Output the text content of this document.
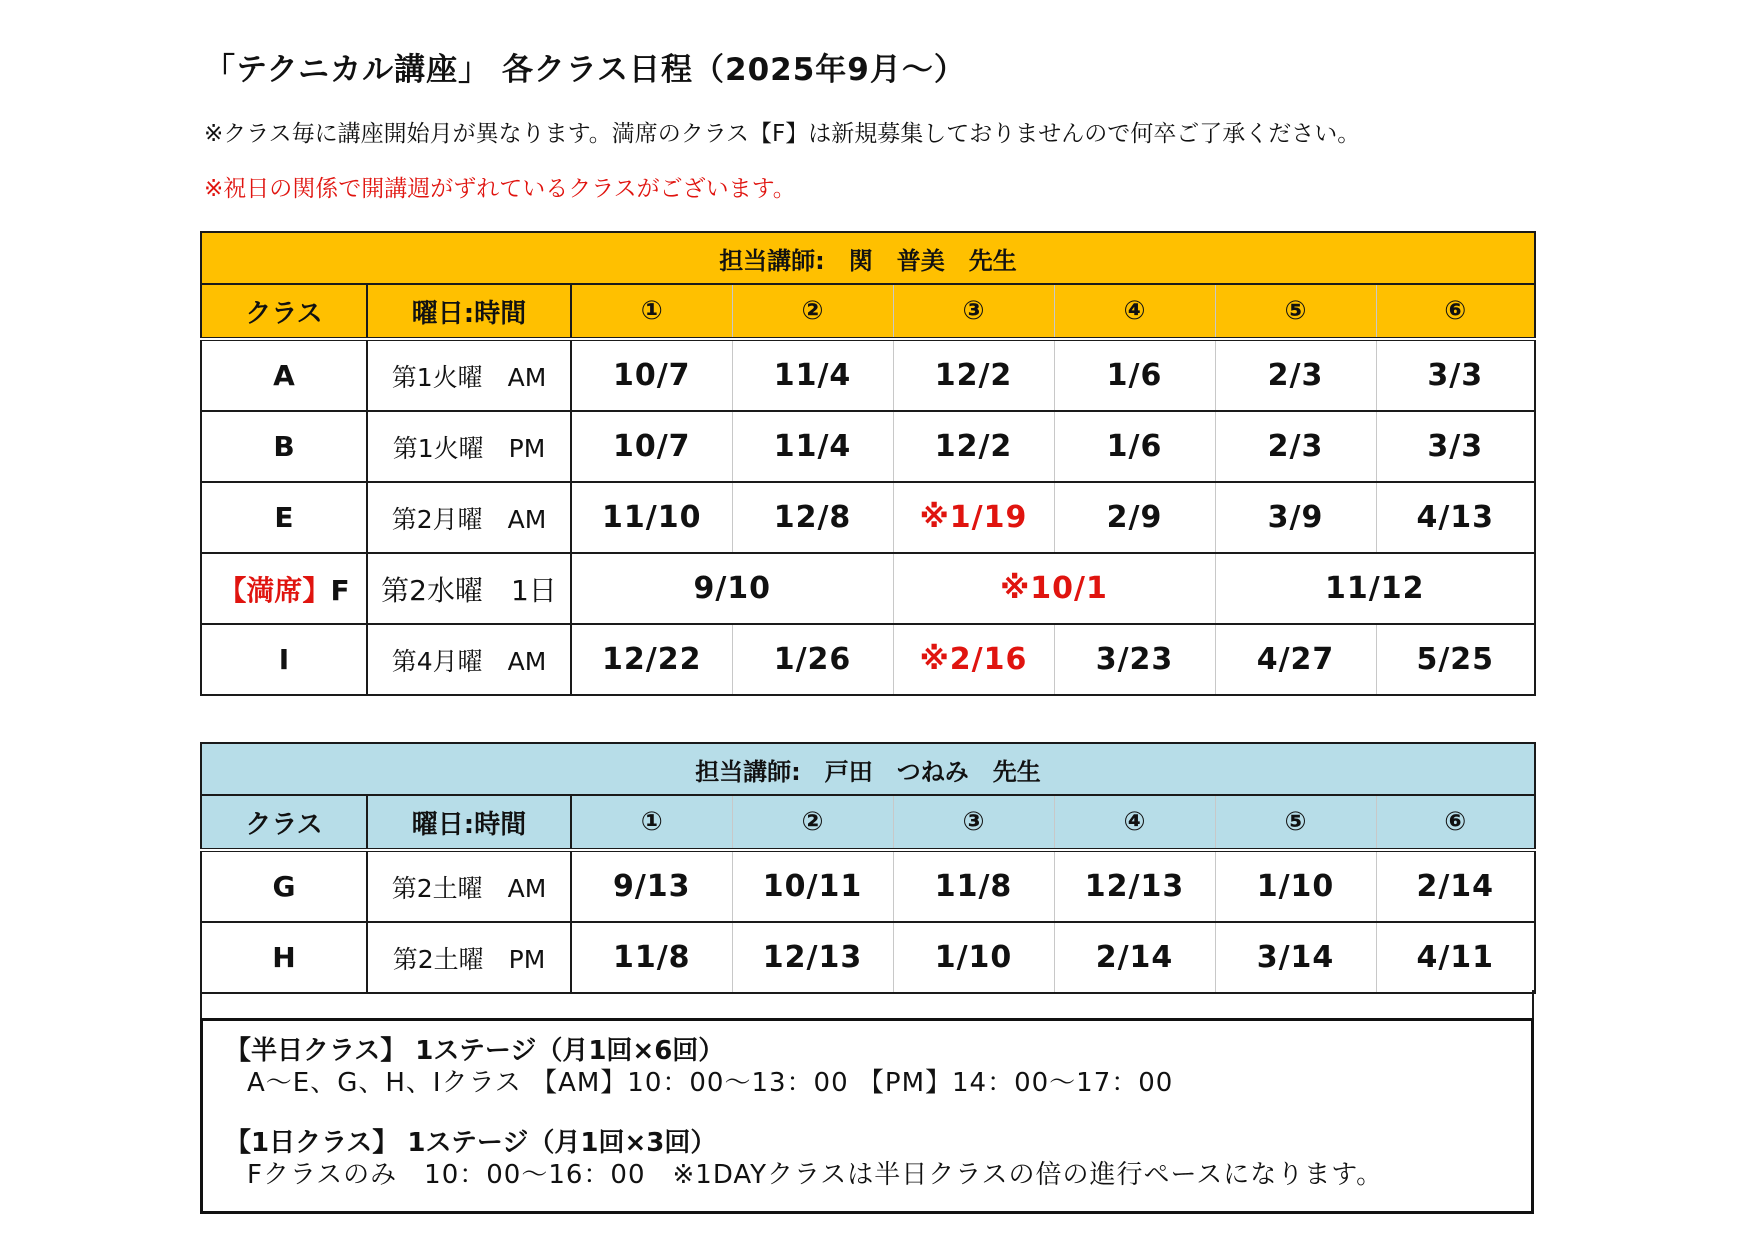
「テクニカル講座」 各クラス日程（2025年9月～）
※クラス毎に講座開始月が異なります。満席のクラス【F】は新規募集しておりませんので何卒ご了承ください。
※祝日の関係で開講週がずれているクラスがございます。
担当講師:　関　普美　先生							
クラス	曜日:時間	①	②	③	④	⑤	⑥
A	第1火曜　AM	10/7	11/4	12/2	1/6	2/3	3/3
B	第1火曜　PM	10/7	11/4	12/2	1/6	2/3	3/3
E	第2月曜　AM	11/10	12/8	※1/19	2/9	3/9	4/13
【満席】F	第2水曜　1日	9/10		※10/1		11/12	
I	第4月曜　AM	12/22	1/26	※2/16	3/23	4/27	5/25
担当講師:　戸田　つねみ　先生							
クラス	曜日:時間	①	②	③	④	⑤	⑥
G	第2土曜　AM	9/13	10/11	11/8	12/13	1/10	2/14
H	第2土曜　PM	11/8	12/13	1/10	2/14	3/14	4/11
【半日クラス】 1ステージ（月1回×6回）
A～E、G、H、Iクラス 【AM】10：00～13：00 【PM】14：00～17：00
【1日クラス】 1ステージ（月1回×3回）
Fクラスのみ　10：00～16：00　※1DAYクラスは半日クラスの倍の進行ペースになります。
